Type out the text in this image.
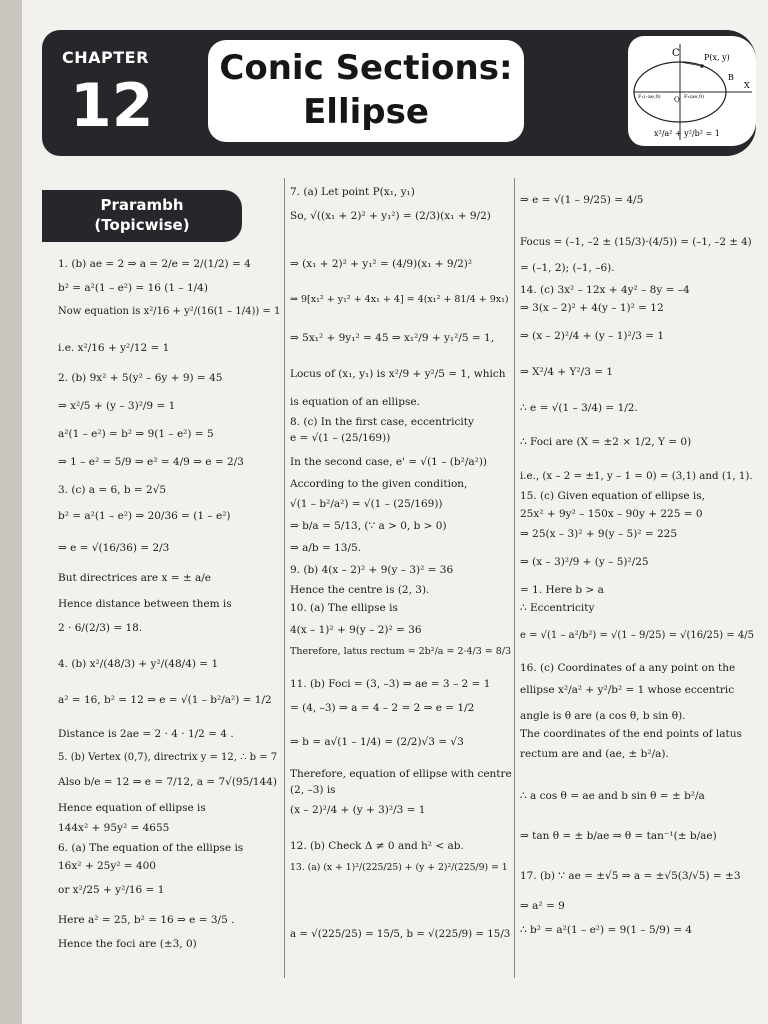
CHAPTER
12
Conic Sections:
Ellipse
C	P(x, y)
B
F₁(–ae,0) O F₂(ae,0)
X
x²/a² + y²/b² = 1
Prarambh
(Topicwise)
1. (b) ae = 2 ⇒ a = 2/e = 2/(1/2) = 4
b² = a²(1 – e²) = 16 (1 – 1/4)
Now equation is x²/16 + y²/(16(1 – 1/4)) = 1
i.e. x²/16 + y²/12 = 1
2. (b) 9x² + 5(y² – 6y + 9) = 45
⇒ x²/5 + (y – 3)²/9 = 1
a²(1 – e²) = b² ⇒ 9(1 – e²) = 5
⇒ 1 – e² = 5/9 ⇒ e² = 4/9 ⇒ e = 2/3
3. (c) a = 6, b = 2√5
b² = a²(1 – e²) ⇒ 20/36 = (1 – e²)
⇒ e = √(16/36) = 2/3
But directrices are x = ± a/e
Hence distance between them is
2 · 6/(2/3) = 18.
4. (b) x²/(48/3) + y²/(48/4) = 1
a² = 16, b² = 12 ⇒ e = √(1 – b²/a²) = 1/2
Distance is 2ae = 2 · 4 · 1/2 = 4 .
5. (b) Vertex (0,7), directrix y = 12, ∴ b = 7
Also b/e = 12 ⇒ e = 7/12, a = 7√(95/144)
Hence equation of ellipse is
144x² + 95y² = 4655
6. (a) The equation of the ellipse is
16x² + 25y² = 400
or x²/25 + y²/16 = 1
Here a² = 25, b² = 16 ⇒ e = 3/5 .
Hence the foci are (±3, 0)
7. (a) Let point P(x₁, y₁)
So, √((x₁ + 2)² + y₁²) = (2/3)(x₁ + 9/2)
⇒ (x₁ + 2)² + y₁² = (4/9)(x₁ + 9/2)²
⇒ 9[x₁² + y₁² + 4x₁ + 4] = 4(x₁² + 81/4 + 9x₁)
⇒ 5x₁² + 9y₁² = 45 ⇒ x₁²/9 + y₁²/5 = 1,
Locus of (x₁, y₁) is x²/9 + y²/5 = 1, which
is equation of an ellipse.
8. (c) In the first case, eccentricity
e = √(1 – (25/169))
In the second case, e' = √(1 – (b²/a²))
According to the given condition,
√(1 – b²/a²) = √(1 – (25/169))
⇒ b/a = 5/13, (∵ a > 0, b > 0)
⇒ a/b = 13/5.
9. (b) 4(x – 2)² + 9(y – 3)² = 36
Hence the centre is (2, 3).
10. (a) The ellipse is
4(x – 1)² + 9(y – 2)² = 36
Therefore, latus rectum = 2b²/a = 2·4/3 = 8/3
11. (b) Foci = (3, –3) ⇒ ae = 3 – 2 = 1
= (4, –3) ⇒ a = 4 – 2 = 2 ⇒ e = 1/2
⇒ b = a√(1 – 1/4) = (2/2)√3 = √3
Therefore, equation of ellipse with centre
(2, –3) is
(x – 2)²/4 + (y + 3)²/3 = 1
12. (b) Check Δ ≠ 0 and h² < ab.
13. (a) (x + 1)²/(225/25) + (y + 2)²/(225/9) = 1
a = √(225/25) = 15/5, b = √(225/9) = 15/3
⇒ e = √(1 – 9/25) = 4/5
Focus = (–1, –2 ± (15/3)·(4/5)) = (–1, –2 ± 4)
= (–1, 2); (–1, –6).
14. (c) 3x² – 12x + 4y² – 8y = –4
⇒ 3(x – 2)² + 4(y – 1)² = 12
⇒ (x – 2)²/4 + (y – 1)²/3 = 1
⇒ X²/4 + Y²/3 = 1
∴ e = √(1 – 3/4) = 1/2.
∴ Foci are (X = ±2 × 1/2, Y = 0)
i.e., (x – 2 = ±1, y – 1 = 0) = (3,1) and (1, 1).
15. (c) Given equation of ellipse is,
25x² + 9y² – 150x – 90y + 225 = 0
⇒ 25(x – 3)² + 9(y – 5)² = 225
⇒ (x – 3)²/9 + (y – 5)²/25
= 1. Here b > a
∴ Eccentricity
e = √(1 – a²/b²) = √(1 – 9/25) = √(16/25) = 4/5
16. (c) Coordinates of a any point on the
ellipse x²/a² + y²/b² = 1 whose eccentric
angle is θ are (a cos θ, b sin θ).
The coordinates of the end points of latus
rectum are and (ae, ± b²/a).
∴ a cos θ = ae and b sin θ = ± b²/a
⇒ tan θ = ± b/ae ⇒ θ = tan⁻¹(± b/ae)
17. (b) ∵ ae = ±√5 ⇒ a = ±√5(3/√5) = ±3
⇒ a² = 9
∴ b² = a²(1 – e²) = 9(1 – 5/9) = 4
